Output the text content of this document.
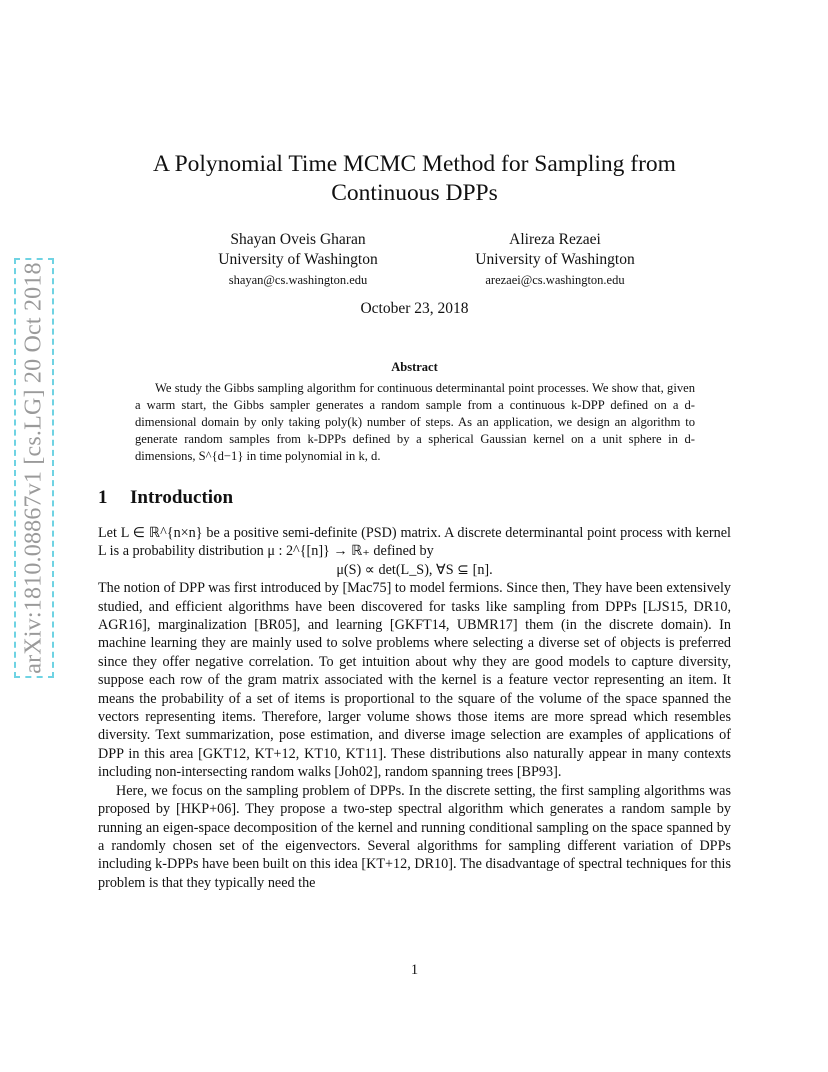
arXiv:1810.08867v1 [cs.LG] 20 Oct 2018
A Polynomial Time MCMC Method for Sampling from Continuous DPPs
Shayan Oveis Gharan
University of Washington
shayan@cs.washington.edu
Alireza Rezaei
University of Washington
arezaei@cs.washington.edu
October 23, 2018
Abstract
We study the Gibbs sampling algorithm for continuous determinantal point processes. We show that, given a warm start, the Gibbs sampler generates a random sample from a continuous k-DPP defined on a d-dimensional domain by only taking poly(k) number of steps. As an application, we design an algorithm to generate random samples from k-DPPs defined by a spherical Gaussian kernel on a unit sphere in d-dimensions, S^{d−1} in time polynomial in k, d.
1 Introduction

Let L ∈ ℝ^{n×n} be a positive semi-definite (PSD) matrix. A discrete determinantal point process with kernel L is a probability distribution μ : 2^{[n]} → ℝ₊ defined by

μ(S) ∝ det(L_S), ∀S ⊆ [n].

The notion of DPP was first introduced by [Mac75] to model fermions. Since then, They have been extensively studied, and efficient algorithms have been discovered for tasks like sampling from DPPs [LJS15, DR10, AGR16], marginalization [BR05], and learning [GKFT14, UBMR17] them (in the discrete domain). In machine learning they are mainly used to solve problems where selecting a diverse set of objects is preferred since they offer negative correlation. To get intuition about why they are good models to capture diversity, suppose each row of the gram matrix associated with the kernel is a feature vector representing an item. It means the probability of a set of items is proportional to the square of the volume of the space spanned the vectors representing items. Therefore, larger volume shows those items are more spread which resembles diversity. Text summarization, pose estimation, and diverse image selection are examples of applications of DPP in this area [GKT12, KT+12, KT10, KT11]. These distributions also naturally appear in many contexts including non-intersecting random walks [Joh02], random spanning trees [BP93].

Here, we focus on the sampling problem of DPPs. In the discrete setting, the first sampling algorithms was proposed by [HKP+06]. They propose a two-step spectral algorithm which generates a random sample by running an eigen-space decomposition of the kernel and running conditional sampling on the space spanned by a randomly chosen set of the eigenvectors. Several algorithms for sampling different variation of DPPs including k-DPPs have been built on this idea [KT+12, DR10]. The disadvantage of spectral techniques for this problem is that they typically need the

1
